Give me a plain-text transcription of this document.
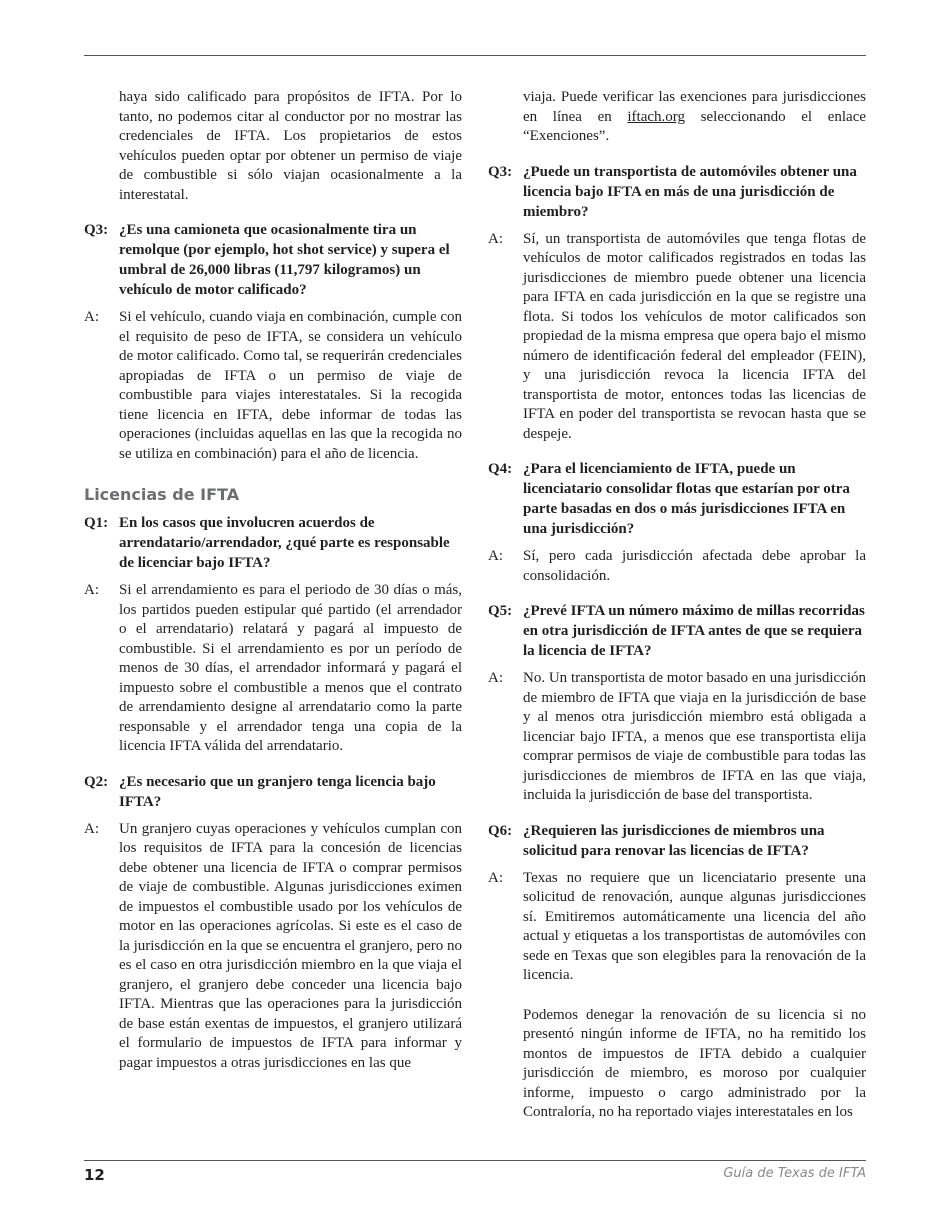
haya sido calificado para propósitos de IFTA. Por lo tanto, no podemos citar al conductor por no mostrar las credenciales de IFTA. Los propietarios de estos vehículos pueden optar por obtener un permiso de viaje de combustible si sólo viajan ocasionalmente a la interestatal.

Q3: ¿Es una camioneta que ocasionalmente tira un remolque (por ejemplo, hot shot service) y supera el umbral de 26,000 libras (11,797 kilogramos) un vehículo de motor calificado?
A:	Si el vehículo, cuando viaja en combinación, cumple con el requisito de peso de IFTA, se considera un vehículo de motor calificado. Como tal, se requerirán credenciales apropiadas de IFTA o un permiso de viaje de combustible para viajes interestatales. Si la recogida tiene licencia en IFTA, debe informar de todas las operaciones (incluidas aquellas en las que la recogida no se utiliza en combinación) para el año de licencia.
Licencias de IFTA
Q1: En los casos que involucren acuerdos de arrendatario/arrendador, ¿qué parte es responsable de licenciar bajo IFTA?
A:	Si el arrendamiento es para el periodo de 30 días o más, los partidos pueden estipular qué partido (el arrendador o el arrendatario) relatará y pagará al impuesto de combustible. Si el arrendamiento es por un período de menos de 30 días, el arrendador informará y pagará el impuesto sobre el combustible a menos que el contrato de arrendamiento designe al arrendatario como la parte responsable y el arrendador tenga una copia de la licencia IFTA válida del arrendatario.
Q2: ¿Es necesario que un granjero tenga licencia bajo IFTA?
A:	Un granjero cuyas operaciones y vehículos cumplan con los requisitos de IFTA para la concesión de licencias debe obtener una licencia de IFTA o comprar permisos de viaje de combustible. Algunas jurisdicciones eximen de impuestos el combustible usado por los vehículos de motor en las operaciones agrícolas. Si este es el caso de la jurisdicción en la que se encuentra el granjero, pero no es el caso en otra jurisdicción miembro en la que viaja el granjero, el granjero debe conceder una licencia bajo IFTA. Mientras que las operaciones para la jurisdicción de base están exentas de impuestos, el granjero utilizará el formulario de impuestos de IFTA para informar y pagar impuestos a otras jurisdicciones en las que

viaja. Puede verificar las exenciones para jurisdicciones en línea en iftach.org seleccionando el enlace “Exenciones”.

Q3: ¿Puede un transportista de automóviles obtener una licencia bajo IFTA en más de una jurisdicción de miembro?
A:	Sí, un transportista de automóviles que tenga flotas de vehículos de motor calificados registrados en todas las jurisdicciones de miembro puede obtener una licencia para IFTA en cada jurisdicción en la que se registre una flota. Si todos los vehículos de motor calificados son propiedad de la misma empresa que opera bajo el mismo número de identificación federal del empleador (FEIN), y una jurisdicción revoca la licencia IFTA del transportista de motor, entonces todas las licencias de IFTA en poder del transportista se revocan hasta que se despeje.
Q4: ¿Para el licenciamiento de IFTA, puede un licenciatario consolidar flotas que estarían por otra parte basadas en dos o más jurisdicciones IFTA en una jurisdicción?
A:	Sí, pero cada jurisdicción afectada debe aprobar la consolidación.
Q5: ¿Prevé IFTA un número máximo de millas recorridas en otra jurisdicción de IFTA antes de que se requiera la licencia de IFTA?
A:	No. Un transportista de motor basado en una jurisdicción de miembro de IFTA que viaja en la jurisdicción de base y al menos otra jurisdicción miembro está obligada a licenciar bajo IFTA, a menos que ese transportista elija comprar permisos de viaje de combustible para todas las jurisdicciones de miembros de IFTA en las que viaja, incluida la jurisdicción de base del transportista.
Q6: ¿Requieren las jurisdicciones de miembros una solicitud para renovar las licencias de IFTA?
A:	Texas no requiere que un licenciatario presente una solicitud de renovación, aunque algunas jurisdicciones sí. Emitiremos automáticamente una licencia del año actual y etiquetas a los transportistas de automóviles con sede en Texas que son elegibles para la renovación de la licencia.

Podemos denegar la renovación de su licencia si no presentó ningún informe de IFTA, no ha remitido los montos de impuestos de IFTA debido a cualquier jurisdicción de miembro, es moroso por cualquier informe, impuesto o cargo administrado por la Contraloría, no ha reportado viajes interestatales en los

12	Guía de Texas de IFTA
